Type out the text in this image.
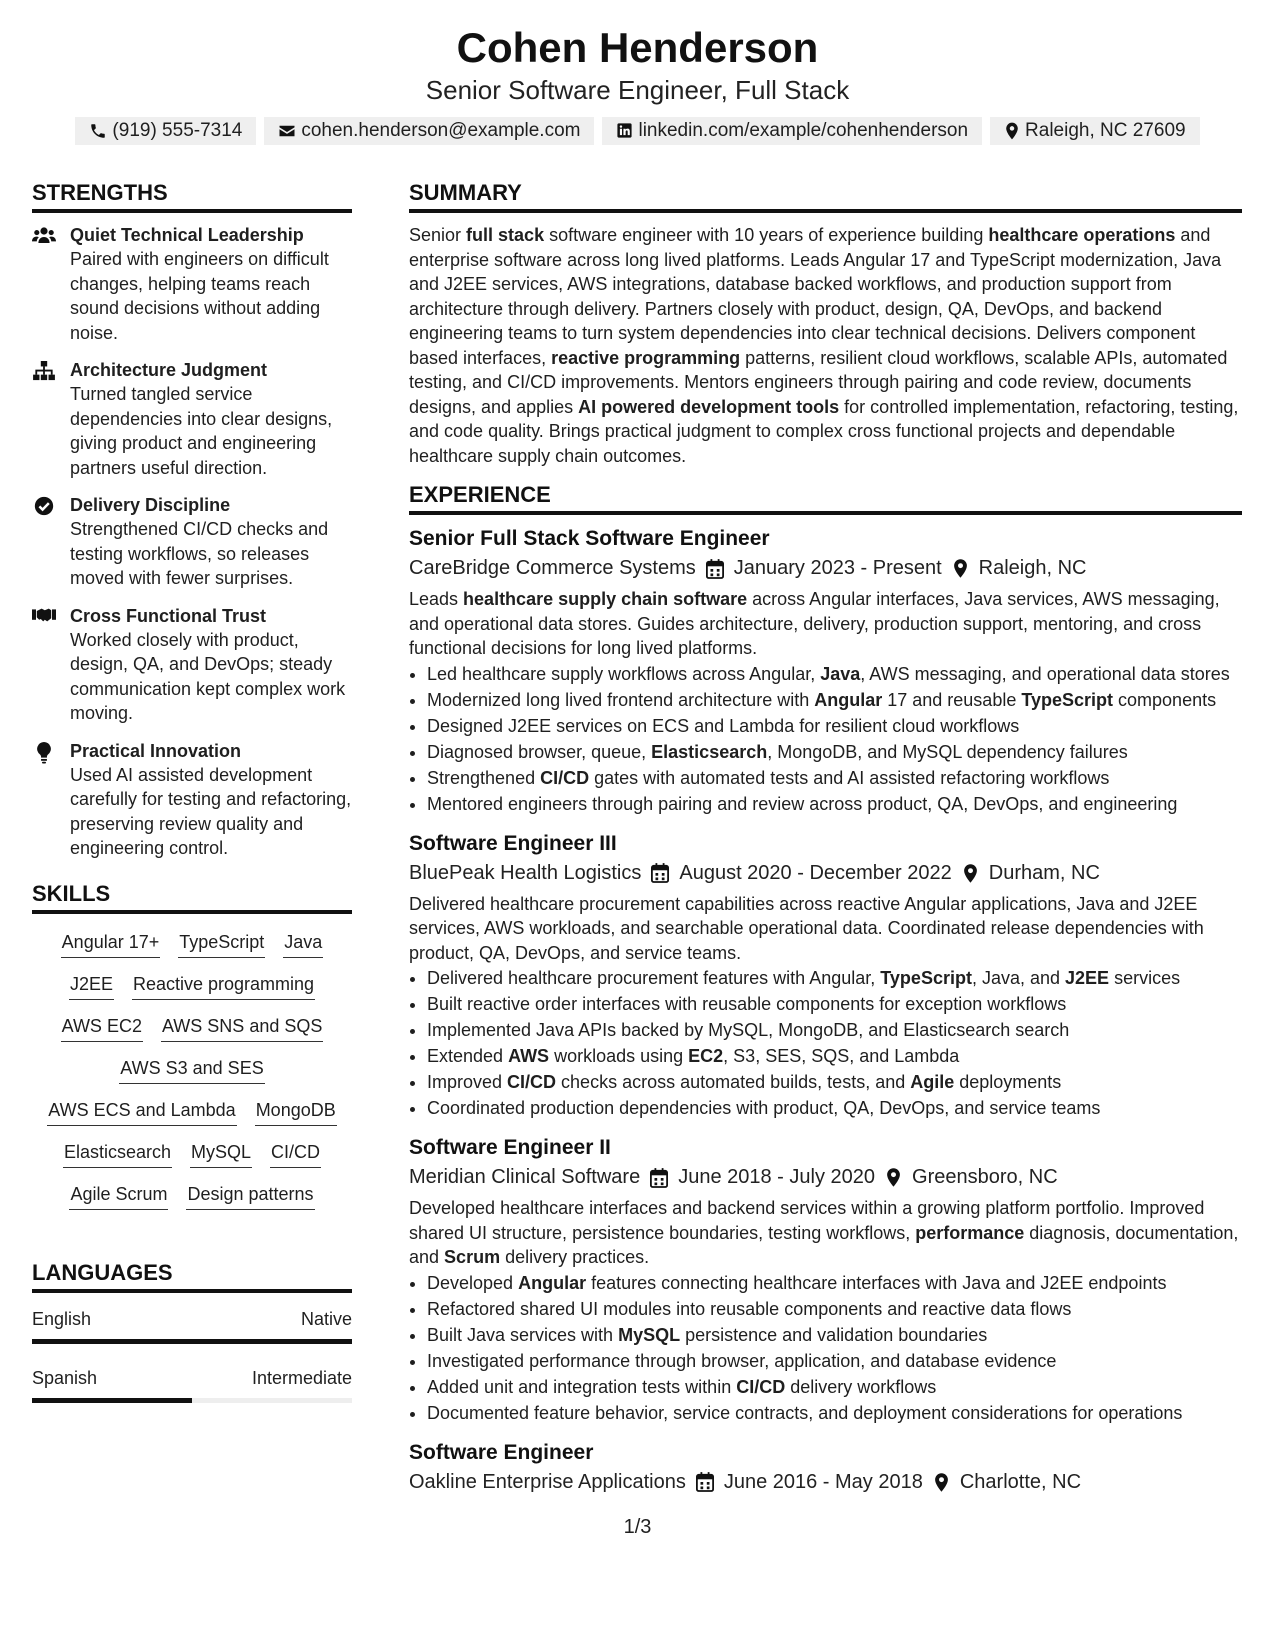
Cohen Henderson
Senior Software Engineer, Full Stack
(919) 555-7314	cohen.henderson@example.com	linkedin.com/example/cohenhenderson	Raleigh, NC 27609
STRENGTHS
Quiet Technical Leadership
Paired with engineers on difficult changes, helping teams reach sound decisions without adding noise.
Architecture Judgment
Turned tangled service dependencies into clear designs, giving product and engineering partners useful direction.
Delivery Discipline
Strengthened CI/CD checks and testing workflows, so releases moved with fewer surprises.
Cross Functional Trust
Worked closely with product, design, QA, and DevOps; steady communication kept complex work moving.
Practical Innovation
Used AI assisted development carefully for testing and refactoring, preserving review quality and engineering control.
SKILLS
Angular 17+ TypeScript Java
J2EE Reactive programming
AWS EC2 AWS SNS and SQS
AWS S3 and SES
AWS ECS and Lambda MongoDB
Elasticsearch MySQL CI/CD
Agile Scrum Design patterns
LANGUAGES
English	Native
Spanish	Intermediate
SUMMARY

Senior full stack software engineer with 10 years of experience building healthcare operations and enterprise software across long lived platforms. Leads Angular 17 and TypeScript modernization, Java and J2EE services, AWS integrations, database backed workflows, and production support from architecture through delivery. Partners closely with product, design, QA, DevOps, and backend engineering teams to turn system dependencies into clear technical decisions. Delivers component based interfaces, reactive programming patterns, resilient cloud workflows, scalable APIs, automated testing, and CI/CD improvements. Mentors engineers through pairing and code review, documents designs, and applies AI powered development tools for controlled implementation, refactoring, testing, and code quality. Brings practical judgment to complex cross functional projects and dependable healthcare supply chain outcomes.

EXPERIENCE
Senior Full Stack Software Engineer
CareBridge Commerce Systems January 2023 - Present Raleigh, NC
Leads healthcare supply chain software across Angular interfaces, Java services, AWS messaging, and operational data stores. Guides architecture, delivery, production support, mentoring, and cross functional decisions for long lived platforms.
• Led healthcare supply workflows across Angular, Java, AWS messaging, and operational data stores
• Modernized long lived frontend architecture with Angular 17 and reusable TypeScript components
• Designed J2EE services on ECS and Lambda for resilient cloud workflows
• Diagnosed browser, queue, Elasticsearch, MongoDB, and MySQL dependency failures
• Strengthened CI/CD gates with automated tests and AI assisted refactoring workflows
• Mentored engineers through pairing and review across product, QA, DevOps, and engineering
Software Engineer III
BluePeak Health Logistics August 2020 - December 2022 Durham, NC
Delivered healthcare procurement capabilities across reactive Angular applications, Java and J2EE services, AWS workloads, and searchable operational data. Coordinated release dependencies with product, QA, DevOps, and service teams.
• Delivered healthcare procurement features with Angular, TypeScript, Java, and J2EE services
• Built reactive order interfaces with reusable components for exception workflows
• Implemented Java APIs backed by MySQL, MongoDB, and Elasticsearch search
• Extended AWS workloads using EC2, S3, SES, SQS, and Lambda
• Improved CI/CD checks across automated builds, tests, and Agile deployments
• Coordinated production dependencies with product, QA, DevOps, and service teams
Software Engineer II
Meridian Clinical Software June 2018 - July 2020 Greensboro, NC
Developed healthcare interfaces and backend services within a growing platform portfolio. Improved shared UI structure, persistence boundaries, testing workflows, performance diagnosis, documentation, and Scrum delivery practices.
• Developed Angular features connecting healthcare interfaces with Java and J2EE endpoints
• Refactored shared UI modules into reusable components and reactive data flows
• Built Java services with MySQL persistence and validation boundaries
• Investigated performance through browser, application, and database evidence
• Added unit and integration tests within CI/CD delivery workflows
• Documented feature behavior, service contracts, and deployment considerations for operations
Software Engineer
Oakline Enterprise Applications June 2016 - May 2018 Charlotte, NC
1/3
